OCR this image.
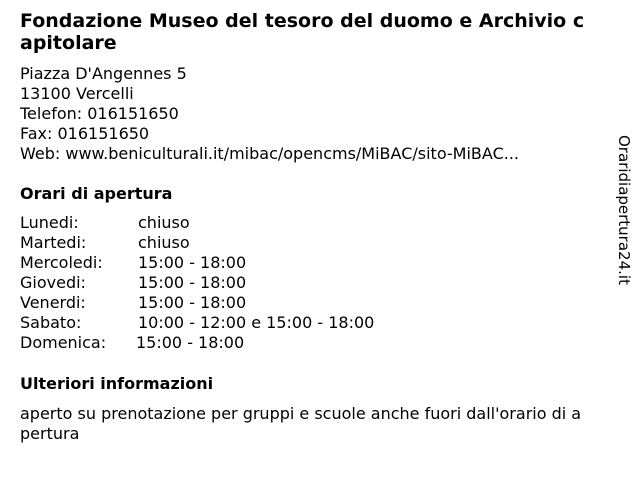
Fondazione Museo del tesoro del duomo e Archivio capitolare
Piazza D'Angennes 5
13100 Vercelli
Telefon: 016151650
Fax: 016151650
Web: www.beniculturali.it/mibac/opencms/MiBAC/sito-MiBAC...
Orari di apertura
Lunedi:	chiuso
Martedi:	chiuso
Mercoledi: 15:00 - 18:00
Giovedi:	15:00 - 18:00
Venerdi:	15:00 - 18:00
Sabato:	10:00 - 12:00 e 15:00 - 18:00
Domenica: 15:00 - 18:00
Ulteriori informazioni
aperto su prenotazione per gruppi e scuole anche fuori dall'orario di apertura
Oraridiapertura24.it
